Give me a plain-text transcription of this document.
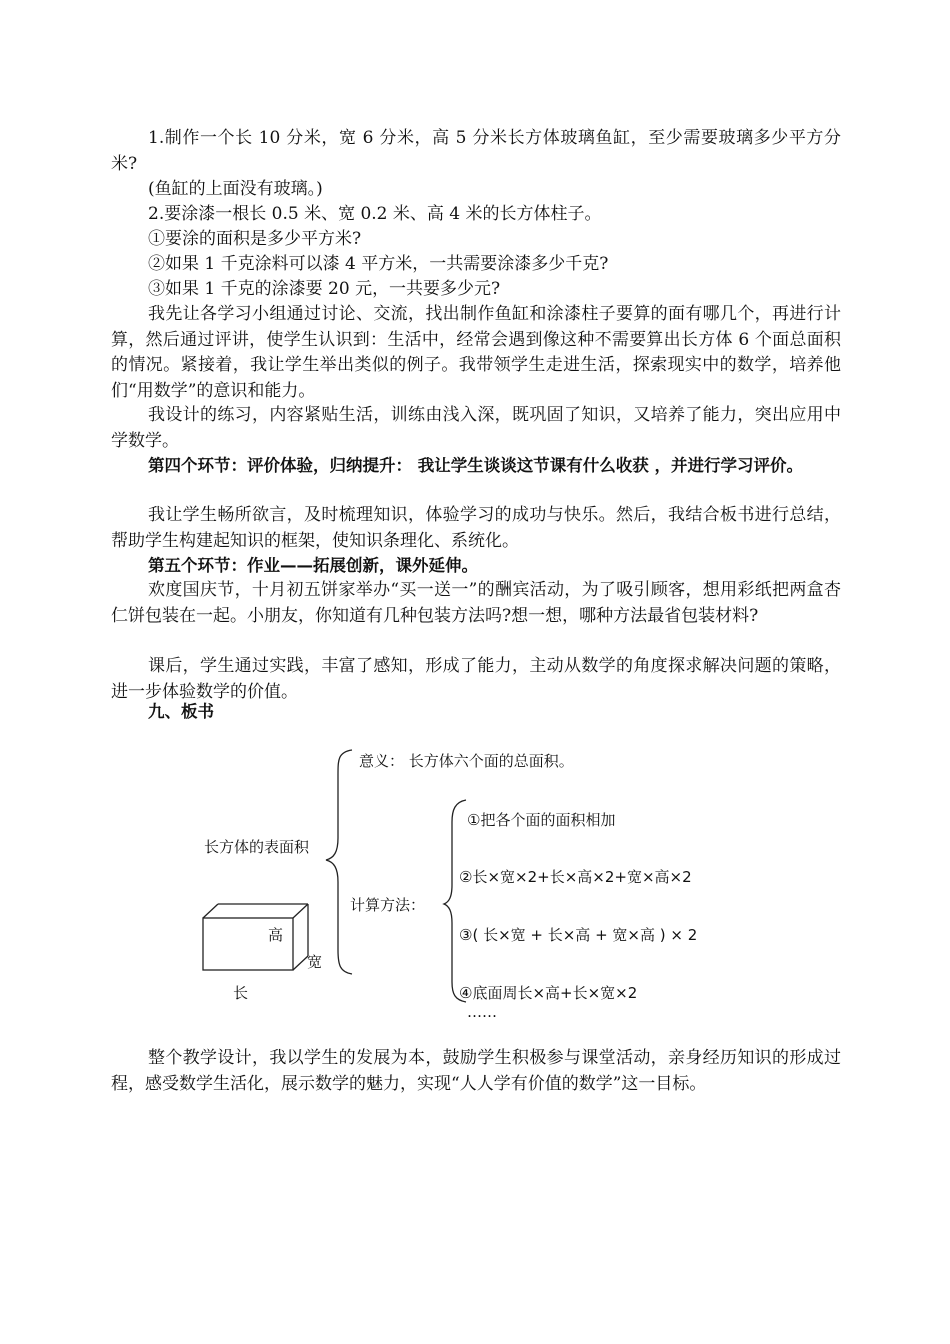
1.制作一个长 10 分米，宽 6 分米，高 5 分米长方体玻璃鱼缸，至少需要玻璃多少平方分米?

(鱼缸的上面没有玻璃。)

2.要涂漆一根长 0.5 米、宽 0.2 米、高 4 米的长方体柱子。

①要涂的面积是多少平方米?

②如果 1 千克涂料可以漆 4 平方米，一共需要涂漆多少千克?

③如果 1 千克的涂漆要 20 元，一共要多少元?

我先让各学习小组通过讨论、交流，找出制作鱼缸和涂漆柱子要算的面有哪几个，再进行计算，然后通过评讲，使学生认识到：生活中，经常会遇到像这种不需要算出长方体 6 个面总面积的情况。紧接着，我让学生举出类似的例子。我带领学生走进生活，探索现实中的数学，培养他们“用数学”的意识和能力。

我设计的练习，内容紧贴生活，训练由浅入深，既巩固了知识，又培养了能力，突出应用中学数学。

第四个环节：评价体验，归纳提升： 我让学生谈谈这节课有什么收获 ，并进行学习评价。

我让学生畅所欲言，及时梳理知识，体验学习的成功与快乐。然后，我结合板书进行总结，帮助学生构建起知识的框架，使知识条理化、系统化。

第五个环节：作业——拓展创新，课外延伸。

欢度国庆节，十月初五饼家举办“买一送一”的酬宾活动，为了吸引顾客，想用彩纸把两盒杏仁饼包装在一起。小朋友，你知道有几种包装方法吗?想一想，哪种方法最省包装材料?

课后，学生通过实践，丰富了感知，形成了能力，主动从数学的角度探求解决问题的策略，进一步体验数学的价值。

九、板书

长方体的表面积
意义： 长方体六个面的总面积。
计算方法：
①把各个面的面积相加
②长×宽×2+长×高×2+宽×高×2
③( 长×宽 + 长×高 + 宽×高 ) × 2
④底面周长×高+长×宽×2
……
高
宽
长

整个教学设计，我以学生的发展为本，鼓励学生积极参与课堂活动，亲身经历知识的形成过程，感受数学生活化，展示数学的魅力，实现“人人学有价值的数学”这一目标。
